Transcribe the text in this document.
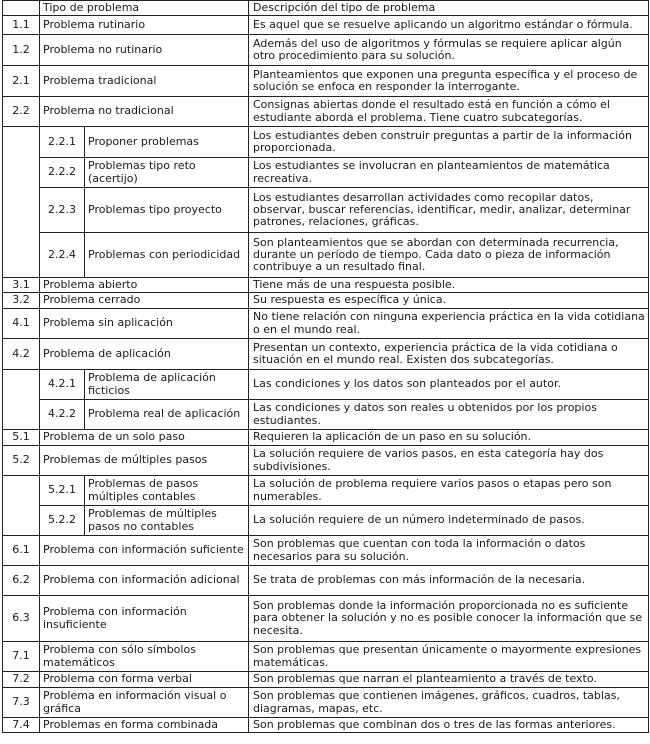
	Tipo de problema		Descripción del tipo de problema
1.1	Problema rutinario		Es aquel que se resuelve aplicando un algoritmo estándar o fórmula.
1.2	Problema no rutinario		Además del uso de algoritmos y fórmulas se requiere aplicar algún otro procedimiento para su solución.
2.1	Problema tradicional		Planteamientos que exponen una pregunta específica y el proceso de solución se enfoca en responder la interrogante.
2.2	Problema no tradicional		Consignas abiertas donde el resultado está en función a cómo el estudiante aborda el problema. Tiene cuatro subcategorías.
	2.2.1	Proponer problemas	Los estudiantes deben construir preguntas a partir de la información proporcionada.
	2.2.2	Problemas tipo reto (acertijo)	Los estudiantes se involucran en planteamientos de matemática recreativa.
	2.2.3	Problemas tipo proyecto	Los estudiantes desarrollan actividades como recopilar datos, observar, buscar referencias, identificar, medir, analizar, determinar patrones, relaciones, gráficas.
	2.2.4	Problemas con periodicidad	Son planteamientos que se abordan con determinada recurrencia, durante un período de tiempo. Cada dato o pieza de información contribuye a un resultado final.
3.1	Problema abierto		Tiene más de una respuesta posible.
3.2	Problema cerrado		Su respuesta es específica y única.
4.1	Problema sin aplicación		No tiene relación con ninguna experiencia práctica en la vida cotidiana o en el mundo real.
4.2	Problema de aplicación		Presentan un contexto, experiencia práctica de la vida cotidiana o situación en el mundo real. Existen dos subcategorías.
	4.2.1	Problema de aplicación ficticios	Las condiciones y los datos son planteados por el autor.
	4.2.2	Problema real de aplicación	Las condiciones y datos son reales u obtenidos por los propios estudiantes.
5.1	Problema de un solo paso		Requieren la aplicación de un paso en su solución.
5.2	Problemas de múltiples pasos		La solución requiere de varios pasos, en esta categoría hay dos subdivisiones.
	5.2.1	Problemas de pasos múltiples contables	La solución de problema requiere varios pasos o etapas pero son numerables.
	5.2.2	Problemas de múltiples pasos no contables	La solución requiere de un número indeterminado de pasos.
6.1	Problema con información suficiente		Son problemas que cuentan con toda la información o datos necesarios para su solución.
6.2	Problema con información adicional		Se trata de problemas con más información de la necesaria.
6.3	Problema con información insuficiente		Son problemas donde la información proporcionada no es suficiente para obtener la solución y no es posible conocer la información que se necesita.
7.1	Problema con sólo símbolos matemáticos		Son problemas que presentan únicamente o mayormente expresiones matemáticas.
7.2	Problema con forma verbal		Son problemas que narran el planteamiento a través de texto.
7.3	Problema en información visual o gráfica		Son problemas que contienen imágenes, gráficos, cuadros, tablas, diagramas, mapas, etc.
7.4	Problemas en forma combinada		Son problemas que combinan dos o tres de las formas anteriores.
